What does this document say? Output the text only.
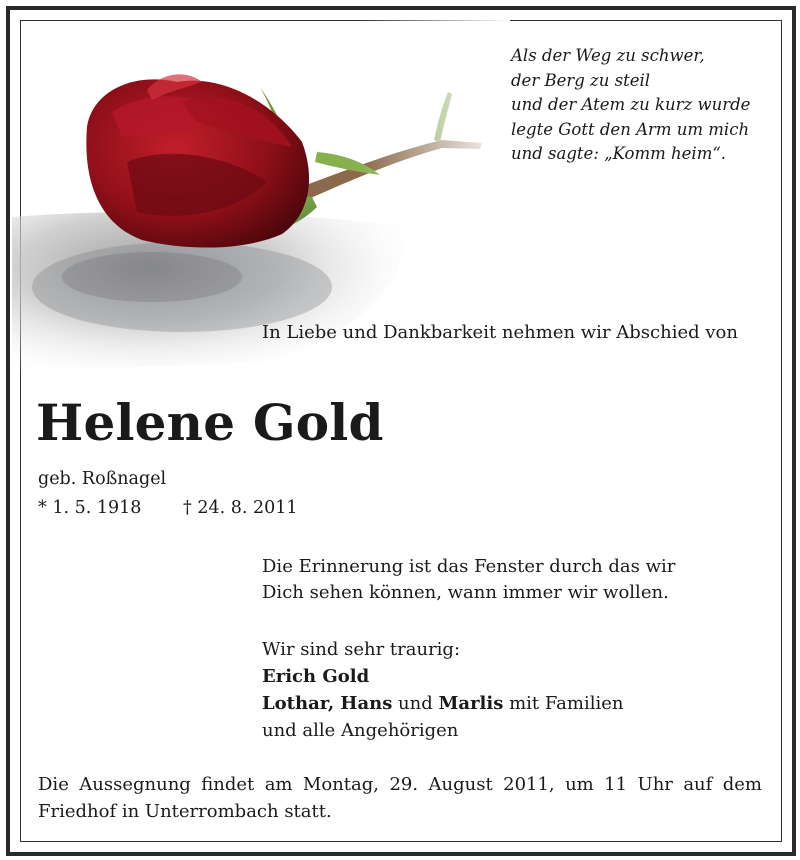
Als der Weg zu schwer,
der Berg zu steil
und der Atem zu kurz wurde
legte Gott den Arm um mich
und sagte: „Komm heim“.
In Liebe und Dankbarkeit nehmen wir Abschied von
Helene Gold
geb. Roßnagel
* 1. 5. 1918 † 24. 8. 2011
Die Erinnerung ist das Fenster durch das wir
Dich sehen können, wann immer wir wollen.
Wir sind sehr traurig:
Erich Gold
Lothar, Hans und Marlis mit Familien
und alle Angehörigen
Die Aussegnung findet am Montag, 29. August 2011, um 11 Uhr auf dem Friedhof in Unterrombach statt.
